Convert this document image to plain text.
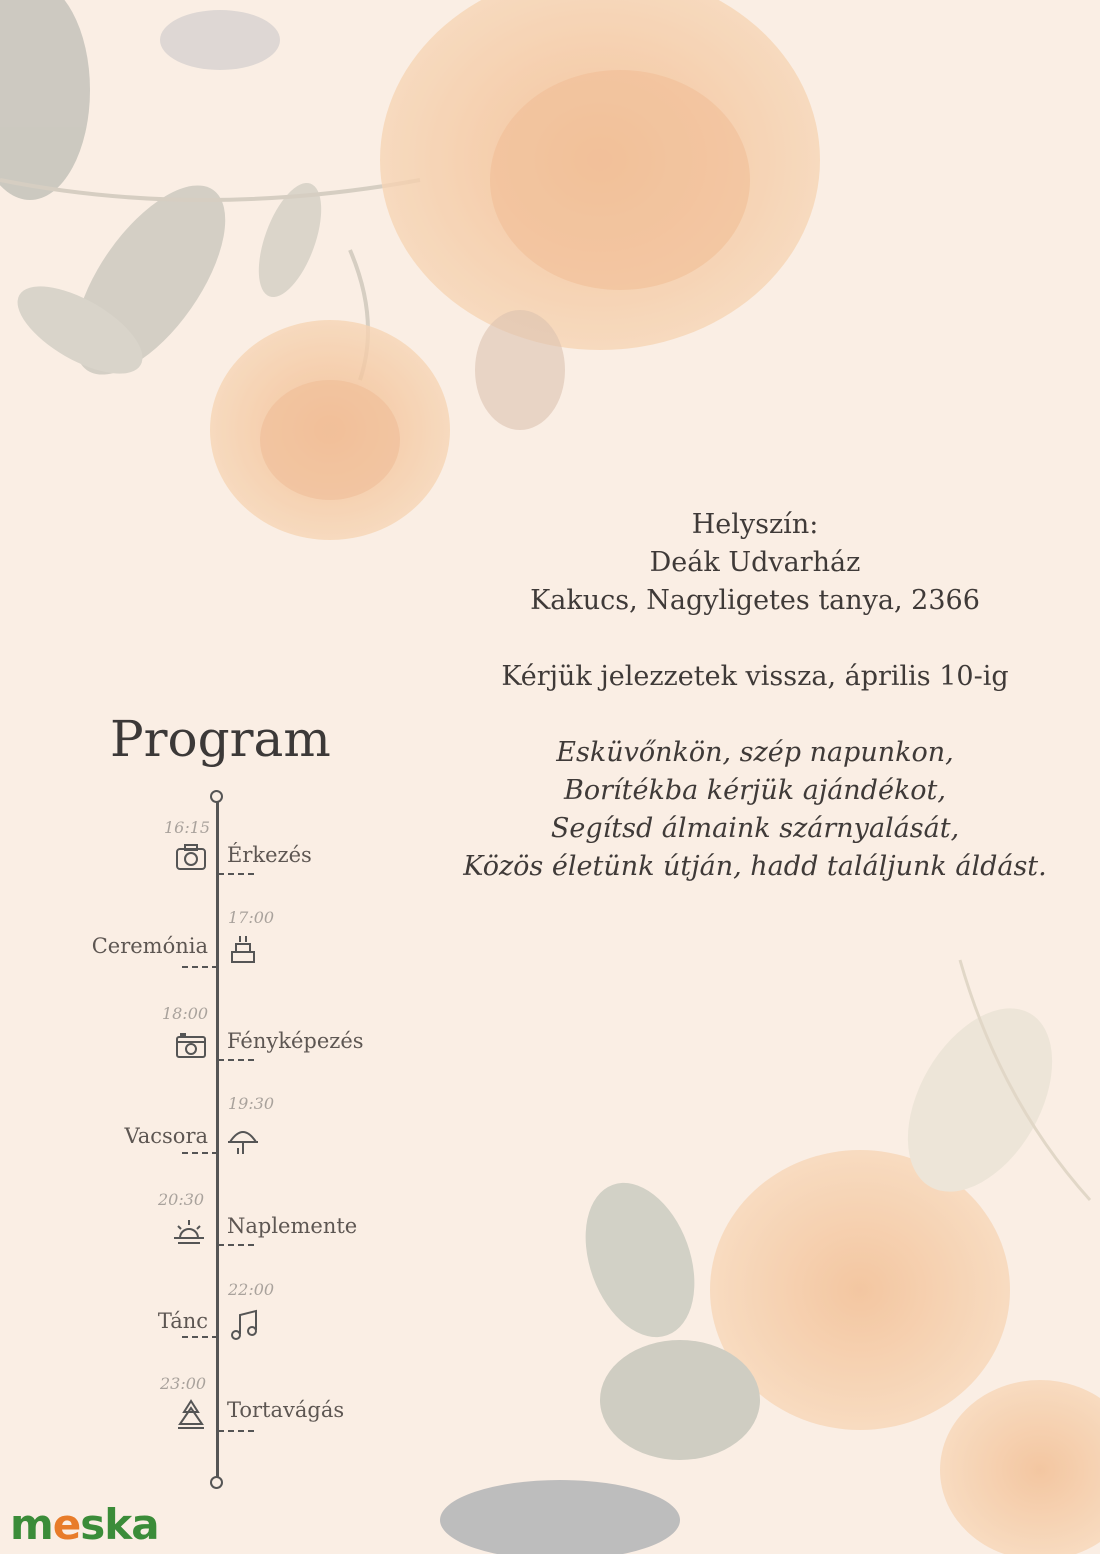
Helyszín:

Deák Udvarház

Kakucs, Nagyligetes tanya, 2366

Kérjük jelezzetek vissza, április 10-ig

Esküvőnkön, szép napunkon,

Borítékba kérjük ajándékot,

Segítsd álmaink szárnyalását,

Közös életünk útján, hadd találjunk áldást.

Program
16:15
Érkezés
17:00
Ceremónia
18:00
Fényképezés
19:30
Vacsora
20:30
Naplemente
22:00
Tánc
23:00
Tortavágás
meska
